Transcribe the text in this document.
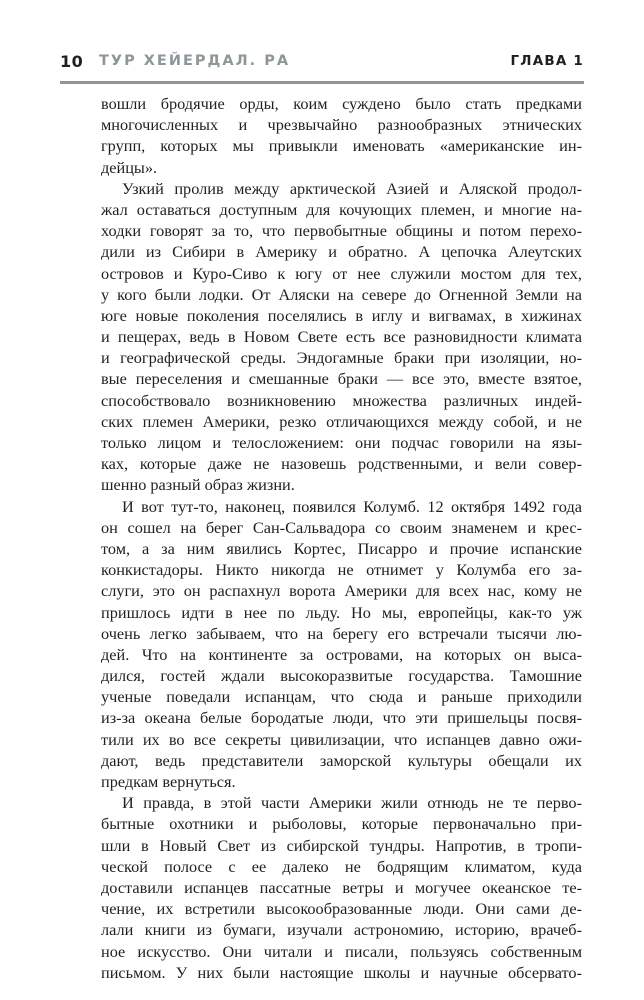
10 ТУР ХЕЙЕРДАЛ. РА	ГЛАВА 1

вошли бродячие орды, коим суждено было стать предками
многочисленных и чрезвычайно разнообразных этнических
групп, которых мы привыкли именовать «американские ин-
дейцы».

Узкий пролив между арктической Азией и Аляской продол-
жал оставаться доступным для кочующих племен, и многие на-
ходки говорят за то, что первобытные общины и потом перехо-
дили из Сибири в Америку и обратно. А цепочка Алеутских
островов и Куро-Сиво к югу от нее служили мостом для тех,
у кого были лодки. От Аляски на севере до Огненной Земли на
юге новые поколения поселялись в иглу и вигвамах, в хижинах
и пещерах, ведь в Новом Свете есть все разновидности климата
и географической среды. Эндогамные браки при изоляции, но-
вые переселения и смешанные браки — все это, вместе взятое,
способствовало возникновению множества различных индей-
ских племен Америки, резко отличающихся между собой, и не
только лицом и телосложением: они подчас говорили на язы-
ках, которые даже не назовешь родственными, и вели совер-
шенно разный образ жизни.

И вот тут-то, наконец, появился Колумб. 12 октября 1492 года
он сошел на берег Сан-Сальвадора со своим знаменем и крес-
том, а за ним явились Кортес, Писарро и прочие испанские
конкистадоры. Никто никогда не отнимет у Колумба его за-
слуги, это он распахнул ворота Америки для всех нас, кому не
пришлось идти в нее по льду. Но мы, европейцы, как-то уж
очень легко забываем, что на берегу его встречали тысячи лю-
дей. Что на континенте за островами, на которых он выса-
дился, гостей ждали высокоразвитые государства. Тамошние
ученые поведали испанцам, что сюда и раньше приходили
из-за океана белые бородатые люди, что эти пришельцы посвя-
тили их во все секреты цивилизации, что испанцев давно ожи-
дают, ведь представители заморской культуры обещали их
предкам вернуться.

И правда, в этой части Америки жили отнюдь не те перво-
бытные охотники и рыболовы, которые первоначально при-
шли в Новый Свет из сибирской тундры. Напротив, в тропи-
ческой полосе с ее далеко не бодрящим климатом, куда
доставили испанцев пассатные ветры и могучее океанское те-
чение, их встретили высокообразованные люди. Они сами де-
лали книги из бумаги, изучали астрономию, историю, врачеб-
ное искусство. Они читали и писали, пользуясь собственным
письмом. У них были настоящие школы и научные обсервато-
